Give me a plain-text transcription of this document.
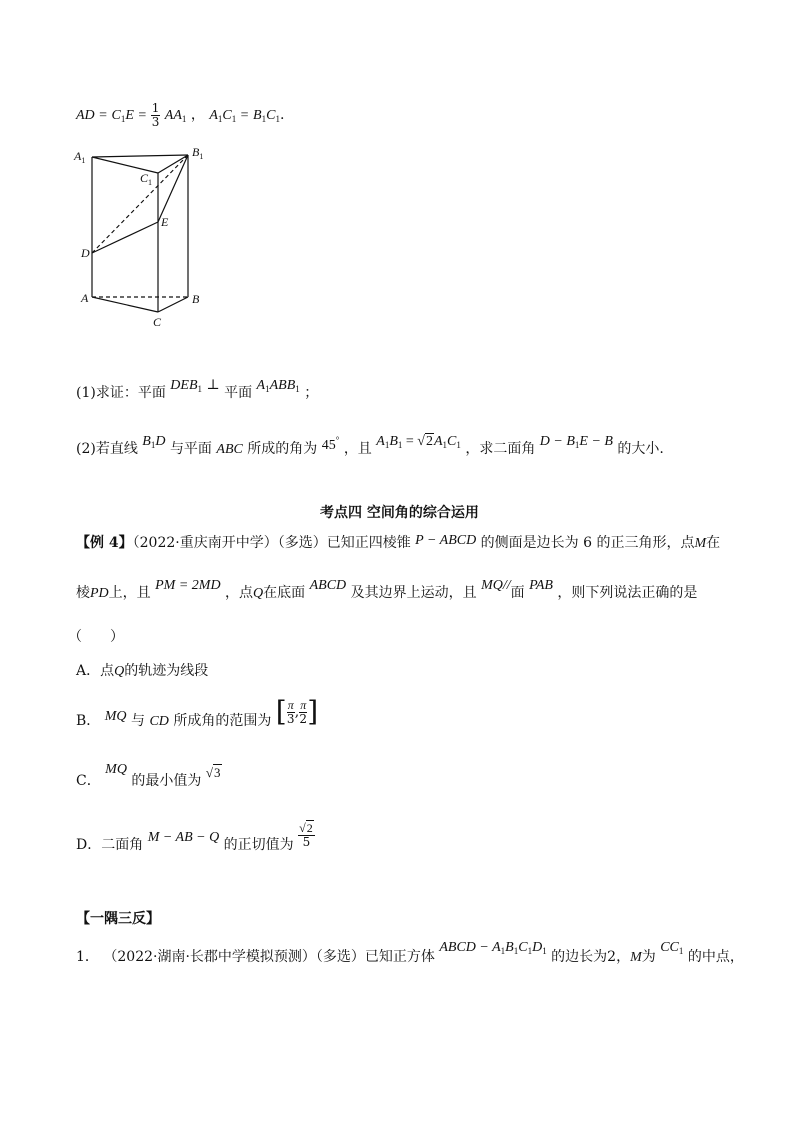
AD = $C_1E = \frac{1}{3} AA_1$ ， $A_1C_1 = B_1C_1$.
$A_1$
$B_1$
$C_1$
D
E
A	B
C
(1)求证：平面 $DEB_1$ ⊥ 平面 $A_1ABB_1$ ；
(2)若直线 $B_1D$ 与平面 ABC 所成的角为 45° ，且 $A_1B_1 = √2A_1C_1$ ，求二面角 $D - B_1E - B$ 的大小.
考点四 空间角的综合运用
【例 4】（2022·重庆南开中学）（多选）已知正四棱锥 P − ABCD 的侧面是边长为 6 的正三角形，点M在
棱PD上，且 PM = 2MD ，点Q在底面 ABCD 及其边界上运动，且 MQ//面 PAB ，则下列说法正确的是
（　　）
A．点Q的轨迹为线段
B． MQ 与 CD 所成角的范围为 [ $\frac{\pi}{3}$ , $\frac{\pi}{2}$ ]
C． MQ 的最小值为 √3
D．二面角 M − AB − Q 的正切值为 $\frac{√2}{5}$
【一隅三反】
1． （2022·湖南·长郡中学模拟预测）（多选）已知正方体 ABCD − $A_1B_1C_1D_1$ 的边长为2，M为 $CC_1$ 的中点，
